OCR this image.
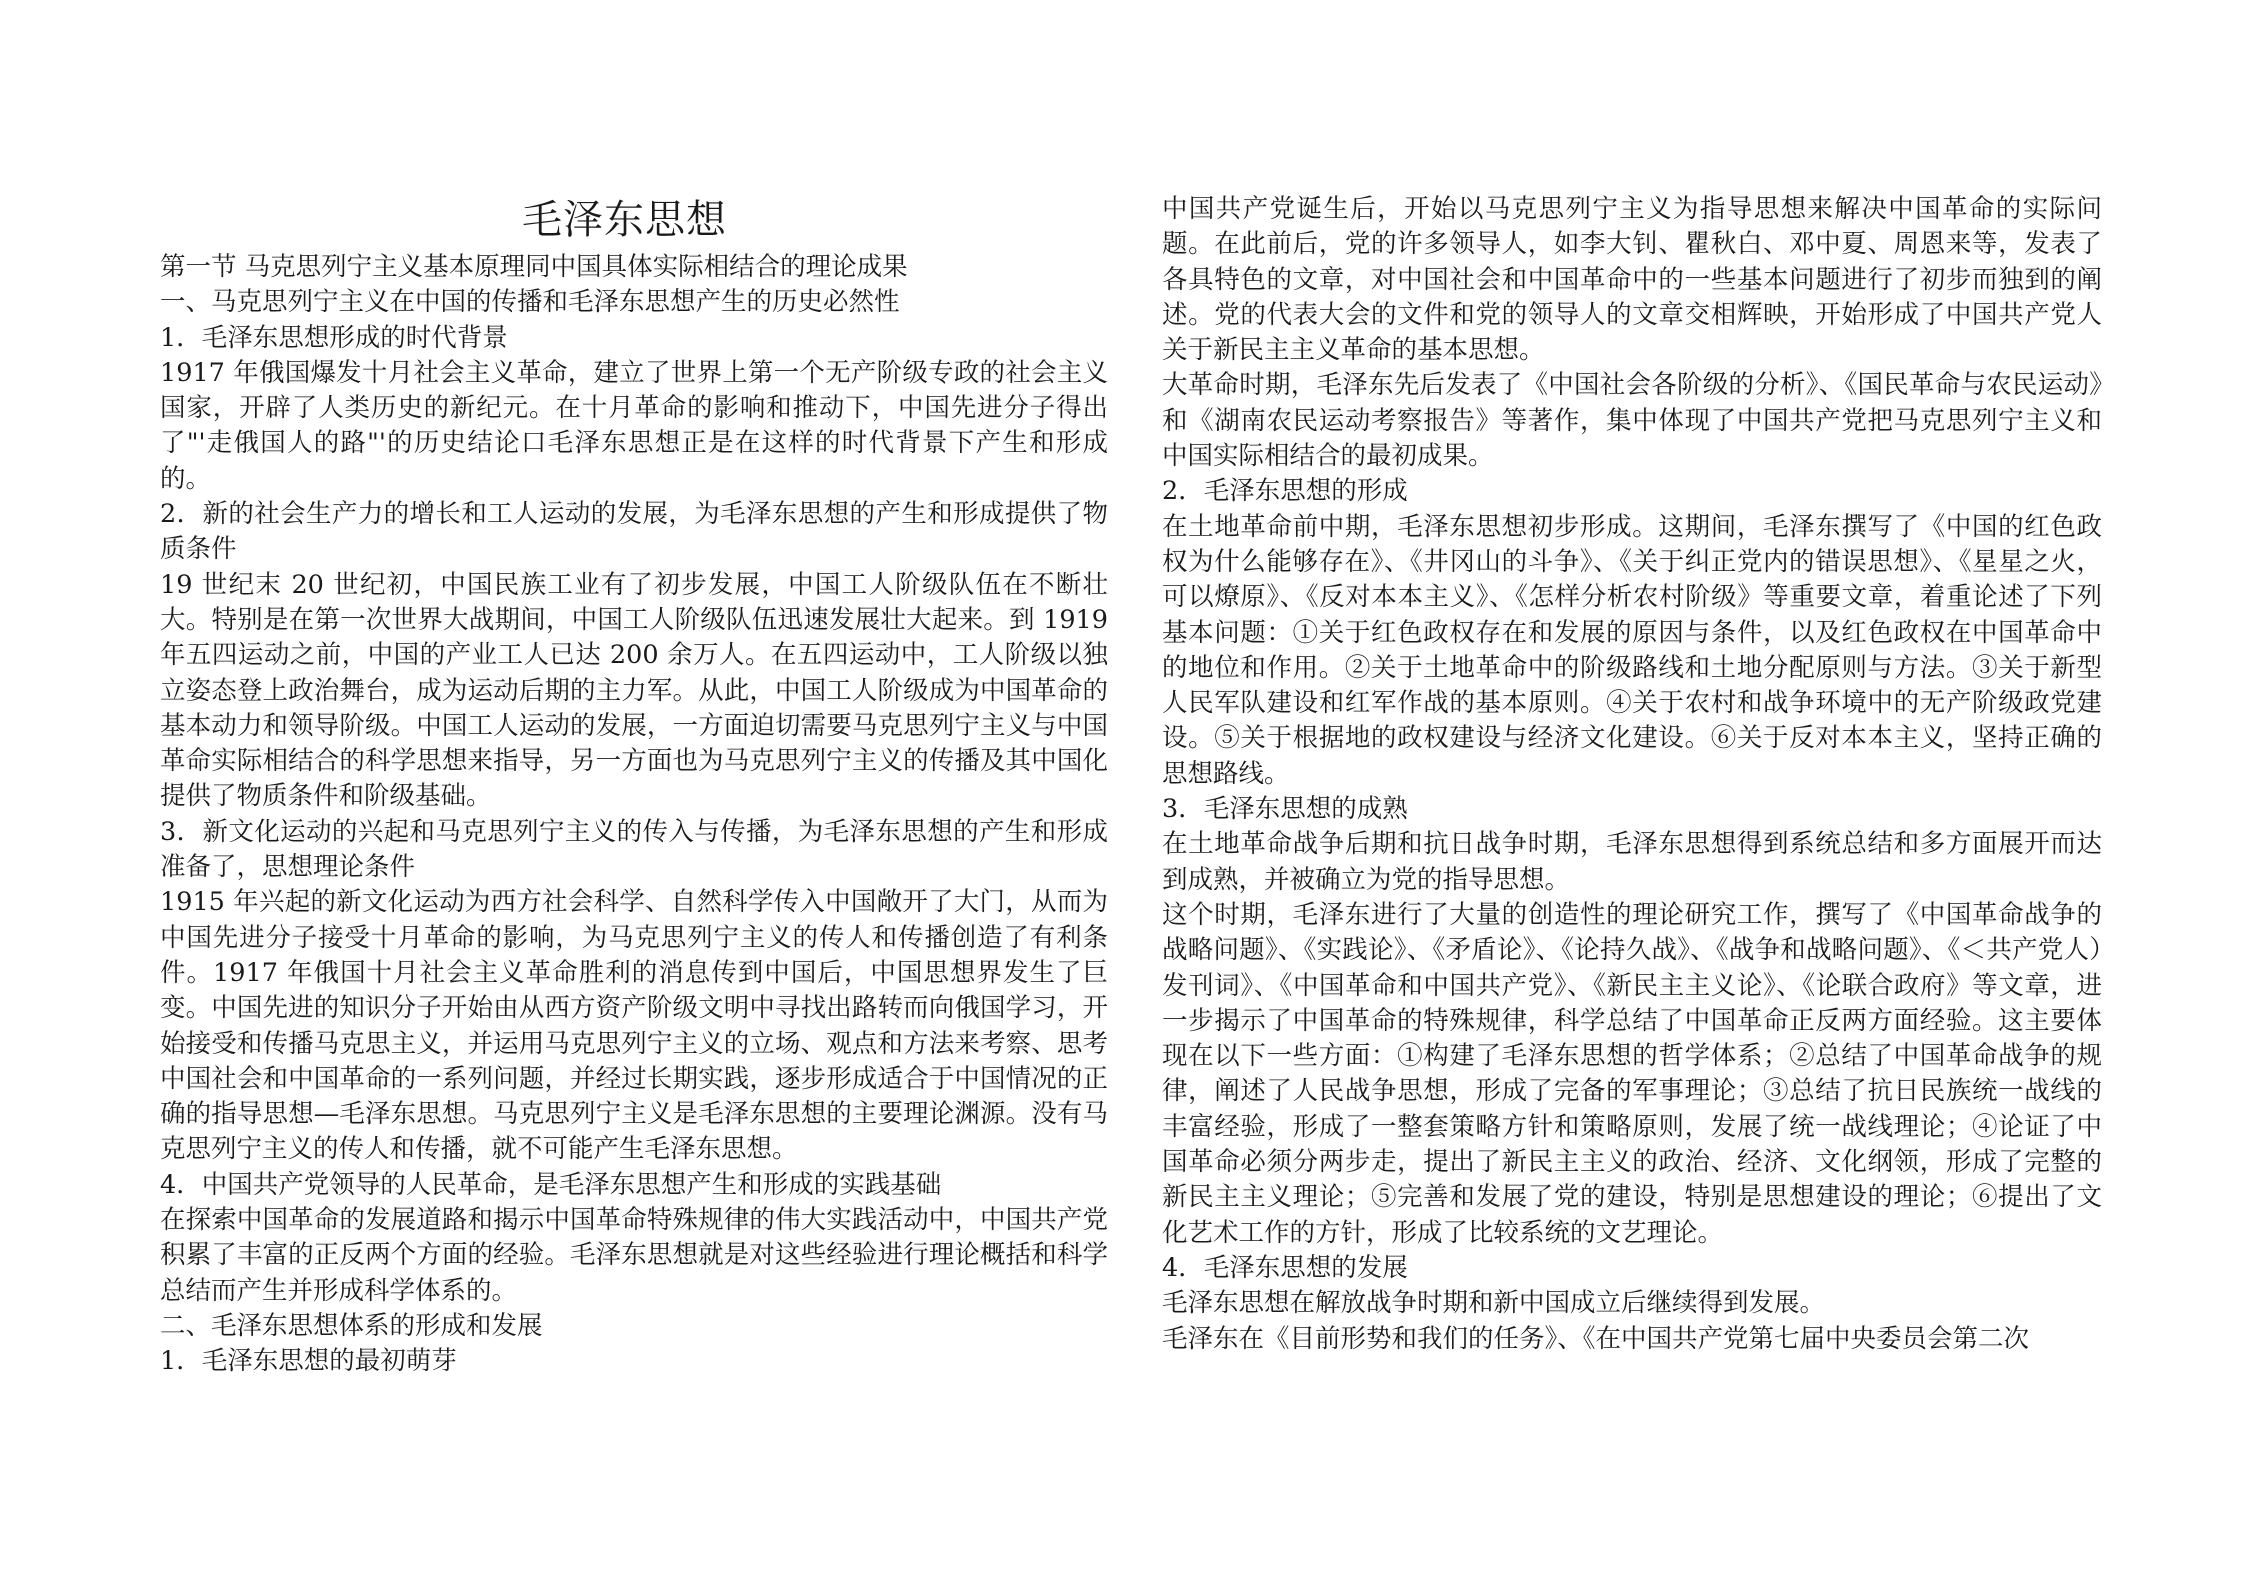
毛泽东思想

第一节 马克思列宁主义基本原理同中国具体实际相结合的理论成果

一、马克思列宁主义在中国的传播和毛泽东思想产生的历史必然性

1．毛泽东思想形成的时代背景

1917 年俄国爆发十月社会主义革命，建立了世界上第一个无产阶级专政的社会主义国家，开辟了人类历史的新纪元。在十月革命的影响和推动下，中国先进分子得出了"'走俄国人的路"'的历史结论口毛泽东思想正是在这样的时代背景下产生和形成的。

2．新的社会生产力的增长和工人运动的发展，为毛泽东思想的产生和形成提供了物质条件

19 世纪末 20 世纪初，中国民族工业有了初步发展，中国工人阶级队伍在不断壮大。特别是在第一次世界大战期间，中国工人阶级队伍迅速发展壮大起来。到 1919 年五四运动之前，中国的产业工人已达 200 余万人。在五四运动中，工人阶级以独立姿态登上政治舞台，成为运动后期的主力军。从此，中国工人阶级成为中国革命的基本动力和领导阶级。中国工人运动的发展，一方面迫切需要马克思列宁主义与中国革命实际相结合的科学思想来指导，另一方面也为马克思列宁主义的传播及其中国化提供了物质条件和阶级基础。

3．新文化运动的兴起和马克思列宁主义的传入与传播，为毛泽东思想的产生和形成准备了，思想理论条件

1915 年兴起的新文化运动为西方社会科学、自然科学传入中国敞开了大门，从而为中国先进分子接受十月革命的影响，为马克思列宁主义的传人和传播创造了有利条件。1917 年俄国十月社会主义革命胜利的消息传到中国后，中国思想界发生了巨变。中国先进的知识分子开始由从西方资产阶级文明中寻找出路转而向俄国学习，开始接受和传播马克思主义，并运用马克思列宁主义的立场、观点和方法来考察、思考中国社会和中国革命的一系列问题，并经过长期实践，逐步形成适合于中国情况的正确的指导思想—毛泽东思想。马克思列宁主义是毛泽东思想的主要理论渊源。没有马克思列宁主义的传人和传播，就不可能产生毛泽东思想。

4．中国共产党领导的人民革命，是毛泽东思想产生和形成的实践基础

在探索中国革命的发展道路和揭示中国革命特殊规律的伟大实践活动中，中国共产党积累了丰富的正反两个方面的经验。毛泽东思想就是对这些经验进行理论概括和科学总结而产生并形成科学体系的。

二、毛泽东思想体系的形成和发展

1．毛泽东思想的最初萌芽

中国共产党诞生后，开始以马克思列宁主义为指导思想来解决中国革命的实际问题。在此前后，党的许多领导人，如李大钊、瞿秋白、邓中夏、周恩来等，发表了各具特色的文章，对中国社会和中国革命中的一些基本问题进行了初步而独到的阐述。党的代表大会的文件和党的领导人的文章交相辉映，开始形成了中国共产党人关于新民主主义革命的基本思想。

大革命时期，毛泽东先后发表了《中国社会各阶级的分析》、《国民革命与农民运动》和《湖南农民运动考察报告》等著作，集中体现了中国共产党把马克思列宁主义和中国实际相结合的最初成果。

2．毛泽东思想的形成

在土地革命前中期，毛泽东思想初步形成。这期间，毛泽东撰写了《中国的红色政权为什么能够存在》、《井冈山的斗争》、《关于纠正党内的错误思想》、《星星之火，可以燎原》、《反对本本主义》、《怎样分析农村阶级》等重要文章，着重论述了下列基本问题：①关于红色政权存在和发展的原因与条件，以及红色政权在中国革命中的地位和作用。②关于土地革命中的阶级路线和土地分配原则与方法。③关于新型人民军队建设和红军作战的基本原则。④关于农村和战争环境中的无产阶级政党建设。⑤关于根据地的政权建设与经济文化建设。⑥关于反对本本主义，坚持正确的思想路线。

3．毛泽东思想的成熟

在土地革命战争后期和抗日战争时期，毛泽东思想得到系统总结和多方面展开而达到成熟，并被确立为党的指导思想。

这个时期，毛泽东进行了大量的创造性的理论研究工作，撰写了《中国革命战争的战略问题》、《实践论》、《矛盾论》、《论持久战》、《战争和战略问题》、《＜共产党人）发刊词》、《中国革命和中国共产党》、《新民主主义论》、《论联合政府》等文章，进一步揭示了中国革命的特殊规律，科学总结了中国革命正反两方面经验。这主要体现在以下一些方面：①构建了毛泽东思想的哲学体系；②总结了中国革命战争的规律，阐述了人民战争思想，形成了完备的军事理论；③总结了抗日民族统一战线的丰富经验，形成了一整套策略方针和策略原则，发展了统一战线理论；④论证了中国革命必须分两步走，提出了新民主主义的政治、经济、文化纲领，形成了完整的新民主主义理论；⑤完善和发展了党的建设，特别是思想建设的理论；⑥提出了文化艺术工作的方针，形成了比较系统的文艺理论。

4．毛泽东思想的发展

毛泽东思想在解放战争时期和新中国成立后继续得到发展。

毛泽东在《目前形势和我们的任务》、《在中国共产党第七届中央委员会第二次
